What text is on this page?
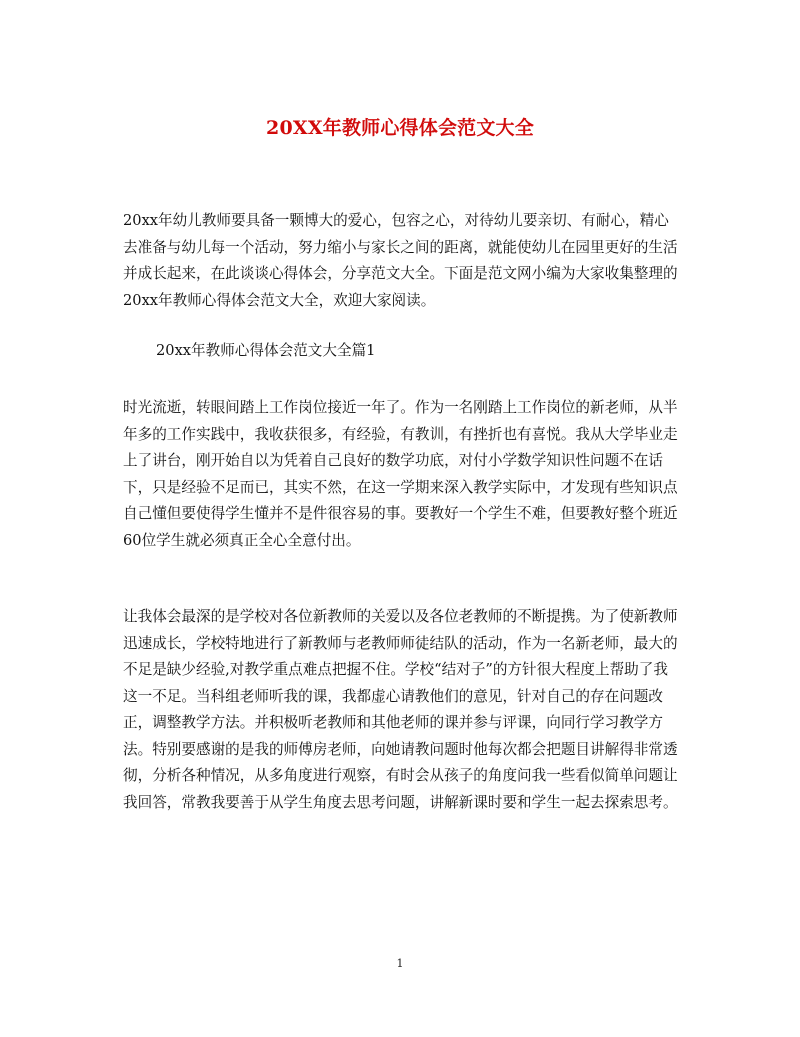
20XX年教师心得体会范文大全

20xx年幼儿教师要具备一颗博大的爱心，包容之心，对待幼儿要亲切、有耐心，精心去准备与幼儿每一个活动，努力缩小与家长之间的距离，就能使幼儿在园里更好的生活并成长起来，在此谈谈心得体会，分享范文大全。下面是范文网小编为大家收集整理的20xx年教师心得体会范文大全，欢迎大家阅读。

20xx年教师心得体会范文大全篇1

时光流逝，转眼间踏上工作岗位接近一年了。作为一名刚踏上工作岗位的新老师，从半年多的工作实践中，我收获很多，有经验，有教训，有挫折也有喜悦。我从大学毕业走上了讲台，刚开始自以为凭着自己良好的数学功底，对付小学数学知识性问题不在话下，只是经验不足而已，其实不然，在这一学期来深入教学实际中，才发现有些知识点自己懂但要使得学生懂并不是件很容易的事。要教好一个学生不难，但要教好整个班近60位学生就必须真正全心全意付出。

让我体会最深的是学校对各位新教师的关爱以及各位老教师的不断提携。为了使新教师迅速成长，学校特地进行了新教师与老教师师徒结队的活动，作为一名新老师，最大的不足是缺少经验,对教学重点难点把握不住。学校“结对子”的方针很大程度上帮助了我这一不足。当科组老师听我的课，我都虚心请教他们的意见，针对自己的存在问题改正，调整教学方法。并积极听老教师和其他老师的课并参与评课，向同行学习教学方法。特别要感谢的是我的师傅房老师，向她请教问题时他每次都会把题目讲解得非常透彻，分析各种情况，从多角度进行观察，有时会从孩子的角度问我一些看似简单问题让我回答，常教我要善于从学生角度去思考问题，讲解新课时要和学生一起去探索思考。

1
